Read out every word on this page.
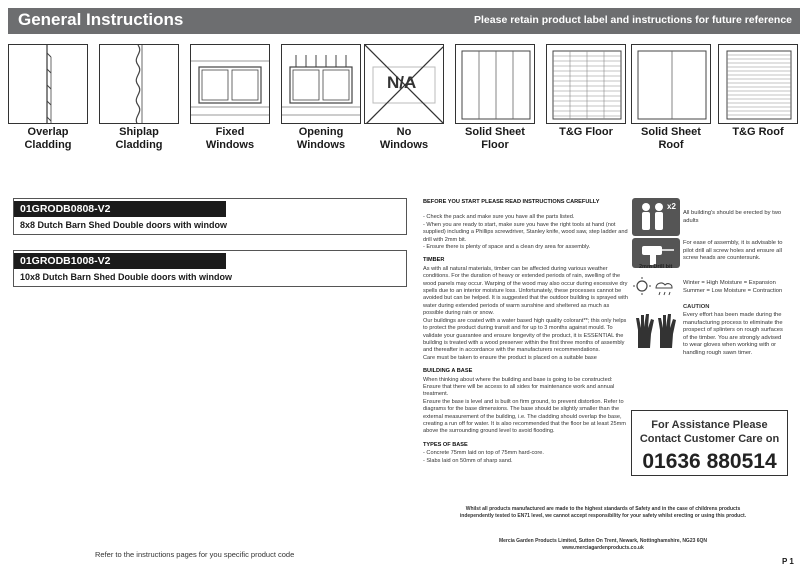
General Instructions	Please retain product label and instructions for future reference
N/A
Overlap
Cladding
Shiplap
Cladding
Fixed
Windows
Opening
Windows
No
Windows
Solid Sheet
Floor
T&G Floor	Solid Sheet
Roof
T&G Roof
01GRODB0808-V2
8x8 Dutch Barn Shed Double doors with window
01GRODB1008-V2
10x8 Dutch Barn Shed Double doors with window
Refer to the instructions pages for you specific product code
BEFORE YOU START PLEASE READ INSTRUCTIONS CAREFULLY

- Check the pack and make sure you have all the parts listed.

- When you are ready to start, make sure you have the right tools at hand (not supplied) including a Phillips screwdriver, Stanley knife, wood saw, step ladder and drill with 2mm bit.

- Ensure there is plenty of space and a clean dry area for assembly.

TIMBER

As with all natural materials, timber can be affected during various weather conditions. For the duration of heavy or extended periods of rain, swelling of the wood panels may occur. Warping of the wood may also occur during excessive dry spells due to an interior moisture loss. Unfortunately, these processes cannot be avoided but can be helped. It is suggested that the outdoor building is sprayed with water during extended periods of warm sunshine and sheltered as much as possible during rain or snow.

Our buildings are coated with a water based high quality colorant**; this only helps to protect the product during transit and for up to 3 months against mould. To validate your guarantee and ensure longevity of the product, it is ESSENTIAL the building is treated with a wood preserver within the first three months of assembly and thereafter in accordance with the manufacturers recommendations.

Care must be taken to ensure the product is placed on a suitable base

BUILDING A BASE

When thinking about where the building and base is going to be constructed: Ensure that there will be access to all sides for maintenance work and annual treatment.

Ensure the base is level and is built on firm ground, to prevent distortion. Refer to diagrams for the base dimensions. The base should be slightly smaller than the external measurement of the building, i.e. The cladding should overlap the base, creating a run off for water. It is also recommended that the floor be at least 25mm above the surrounding ground level to avoid flooding.

TYPES OF BASE

- Concrete 75mm laid on top of 75mm hard-core.

- Slabs laid on 50mm of sharp sand.

x2
All building's should be erected by two adults
2mm Drill bit
For ease of assembly, it is advisable to pilot drill all screw holes and ensure all screw heads are countersunk.
Winter = High Moisture = Expansion
Summer = Low Moisture = Contraction
CAUTION
Every effort has been made during the manufacturing process to eliminate the prospect of splinters on rough surfaces of the timber. You are strongly advised to wear gloves when working with or handling rough sawn timer.
For Assistance Please
Contact Customer Care on
01636 880514
Whilst all products manufactured are made to the highest standards of Safety and in the case of childrens products
independently tested to EN71 level, we cannot accept responsibility for your safety whilst erecting or using this product.
Mercia Garden Products Limited, Sutton On Trent, Newark, Nottinghamshire, NG23 6QN
www.merciagardenproducts.co.uk
P 1
